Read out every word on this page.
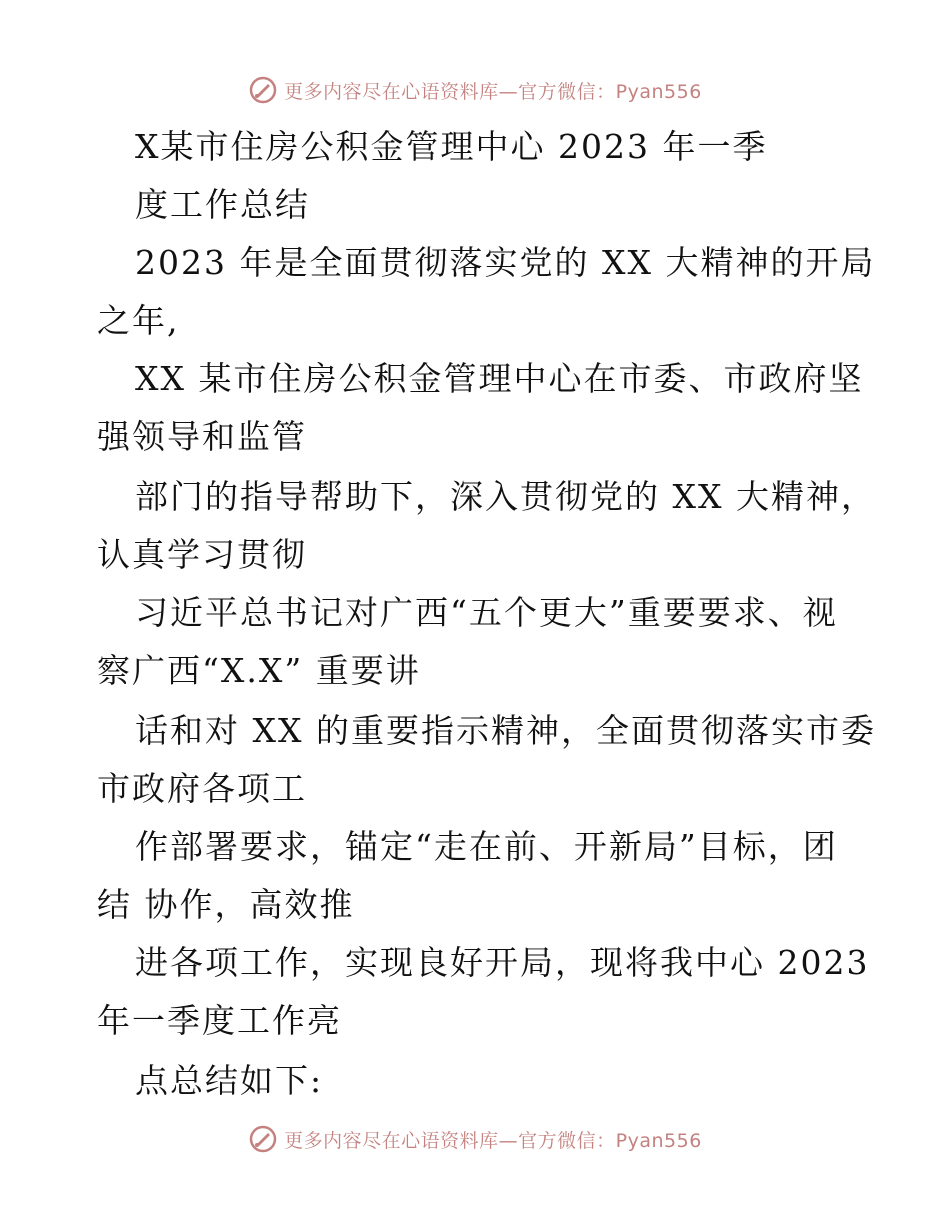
更多内容尽在心语资料库—官方微信：Pyan556
X某市住房公积金管理中心 2023 年一季
度工作总结
2023 年是全面贯彻落实党的 XX 大精神的开局
之年,
XX 某市住房公积金管理中心在市委、市政府坚
强领导和监管
部门的指导帮助下，深入贯彻党的 XX 大精神，
认真学习贯彻
习近平总书记对广西“五个更大”重要要求、视
察广西“X.X” 重要讲
话和对 XX 的重要指示精神，全面贯彻落实市委
市政府各项工
作部署要求，锚定“走在前、开新局”目标，团
结 协作，高效推
进各项工作，实现良好开局，现将我中心 2023
年一季度工作亮
点总结如下:
更多内容尽在心语资料库—官方微信：Pyan556
